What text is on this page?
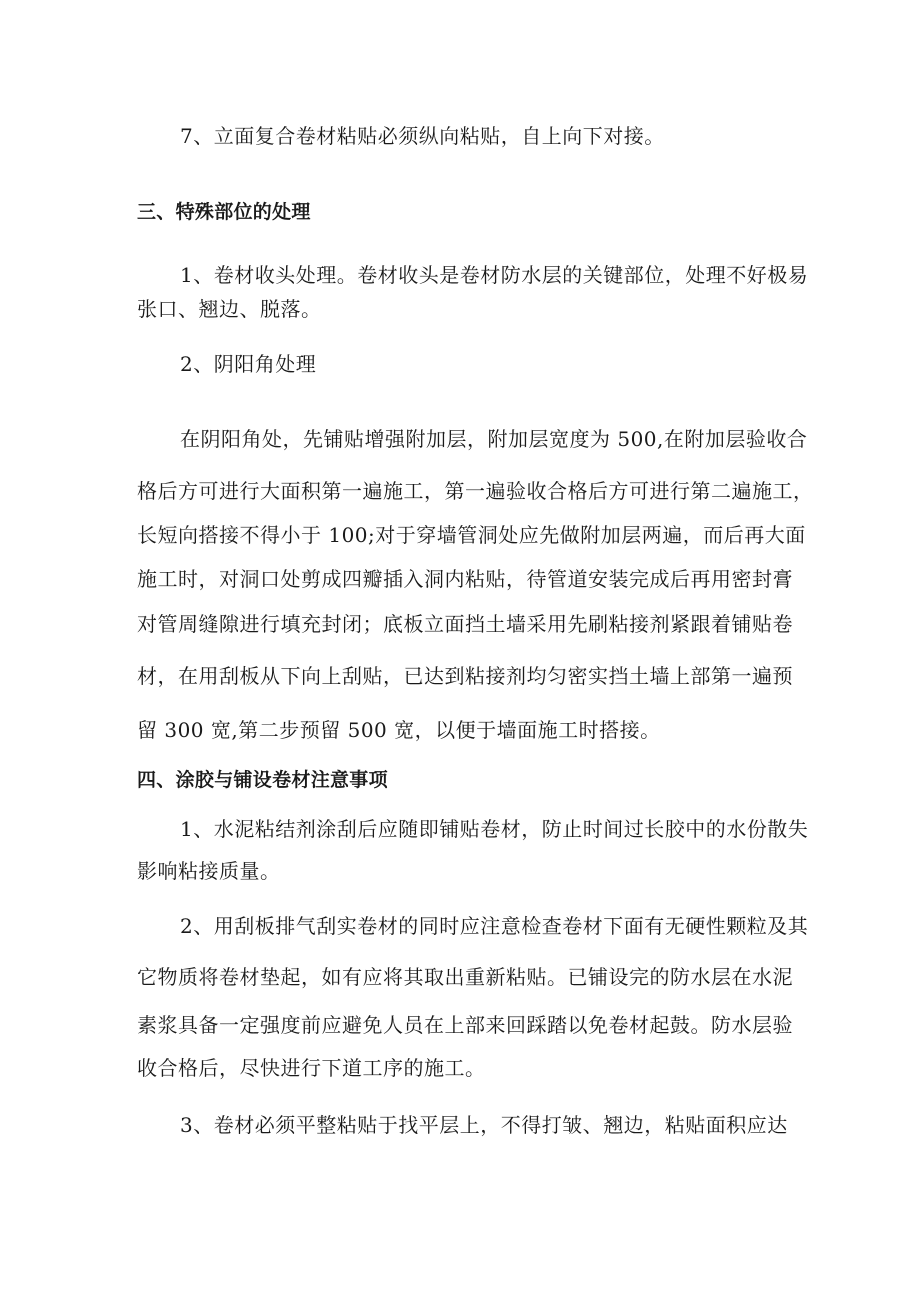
7、立面复合卷材粘贴必须纵向粘贴，自上向下对接。
三、特殊部位的处理
1、卷材收头处理。卷材收头是卷材防水层的关键部位，处理不好极易
张口、翘边、脱落。
2、阴阳角处理
在阴阳角处，先铺贴增强附加层，附加层宽度为 500,在附加层验收合
格后方可进行大面积第一遍施工，第一遍验收合格后方可进行第二遍施工，
长短向搭接不得小于 100;对于穿墙管洞处应先做附加层两遍，而后再大面
施工时，对洞口处剪成四瓣插入洞内粘贴，待管道安装完成后再用密封膏
对管周缝隙进行填充封闭；底板立面挡土墙采用先刷粘接剂紧跟着铺贴卷
材，在用刮板从下向上刮贴，已达到粘接剂均匀密实挡土墙上部第一遍预
留 300 宽,第二步预留 500 宽，以便于墙面施工时搭接。
四、涂胶与铺设卷材注意事项
1、水泥粘结剂涂刮后应随即铺贴卷材，防止时间过长胶中的水份散失
影响粘接质量。
2、用刮板排气刮实卷材的同时应注意检查卷材下面有无硬性颗粒及其
它物质将卷材垫起，如有应将其取出重新粘贴。已铺设完的防水层在水泥
素浆具备一定强度前应避免人员在上部来回踩踏以免卷材起鼓。防水层验
收合格后，尽快进行下道工序的施工。
3、卷材必须平整粘贴于找平层上，不得打皱、翘边，粘贴面积应达
